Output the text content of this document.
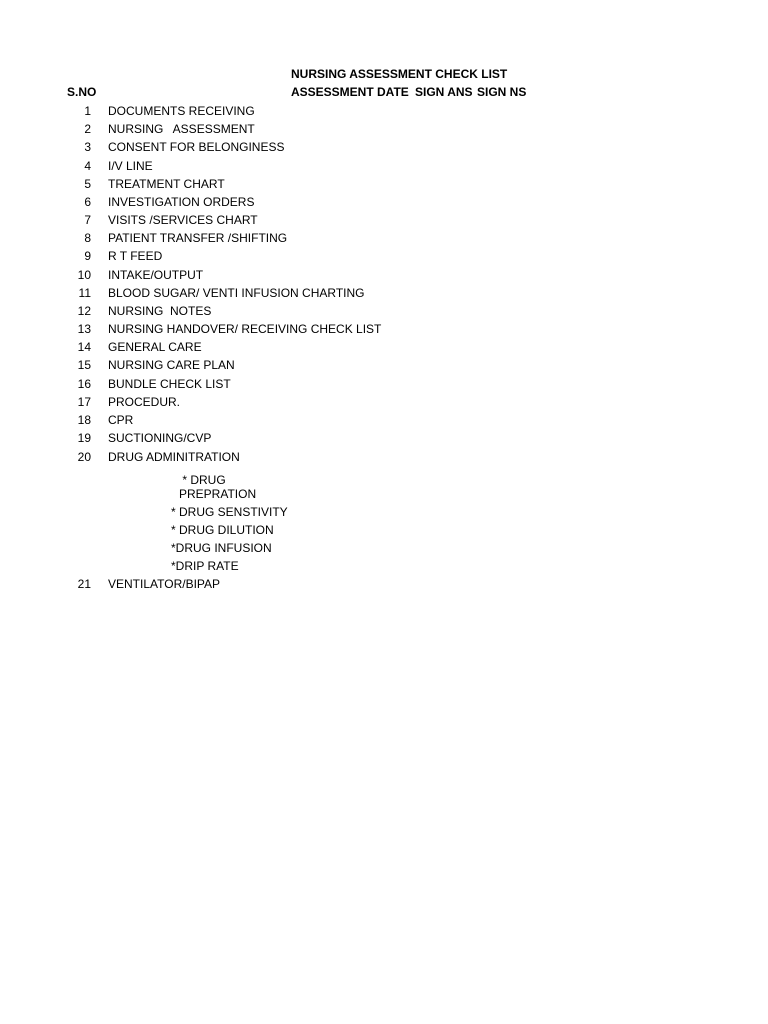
NURSING ASSESSMENT CHECK LIST
S.NO	ASSESSMENT DATE SIGN ANS SIGN NS
1 DOCUMENTS RECEIVING
2 NURSING   ASSESSMENT
3 CONSENT FOR BELONGINESS
4 I/V LINE
5 TREATMENT CHART
6 INVESTIGATION ORDERS
7 VISITS /SERVICES CHART
8 PATIENT TRANSFER /SHIFTING
9 R T FEED
10 INTAKE/OUTPUT
11 BLOOD SUGAR/ VENTI INFUSION CHARTING
12 NURSING  NOTES
13 NURSING HANDOVER/ RECEIVING CHECK LIST
14 GENERAL CARE
15 NURSING CARE PLAN
16 BUNDLE CHECK LIST
17 PROCEDUR.
18 CPR
19 SUCTIONING/CVP
20 DRUG ADMINITRATION
* DRUG
PREPRATION
* DRUG SENSTIVITY
* DRUG DILUTION
*DRUG INFUSION
*DRIP RATE
21 VENTILATOR/BIPAP
